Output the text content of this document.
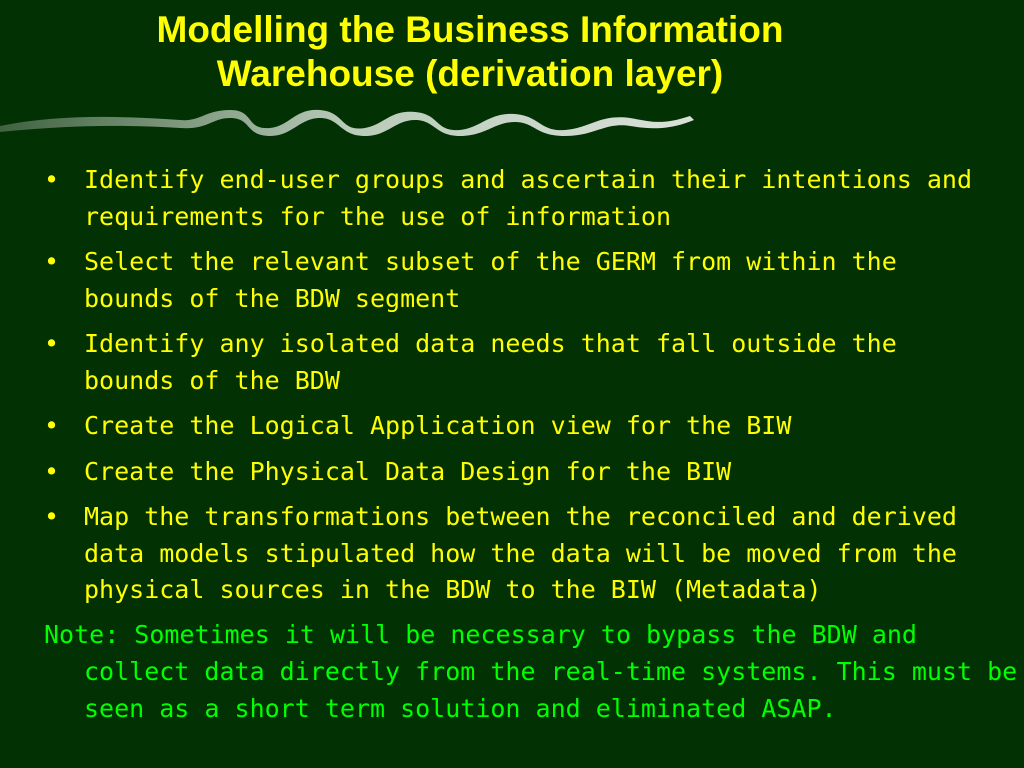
Modelling the Business Information
Warehouse (derivation layer)
• Identify end-user groups and ascertain their intentions and requirements for the use of information
• Select the relevant subset of the GERM from within the bounds of the BDW segment
• Identify any isolated data needs that fall outside the bounds of the BDW
• Create the Logical Application view for the BIW
• Create the Physical Data Design for the BIW
• Map the transformations between the reconciled and derived data models stipulated how the data will be moved from the physical sources in the BDW to the BIW (Metadata)

Note: Sometimes it will be necessary to bypass the BDW and collect data directly from the real-time systems. This must be seen as a short term solution and eliminated ASAP.
